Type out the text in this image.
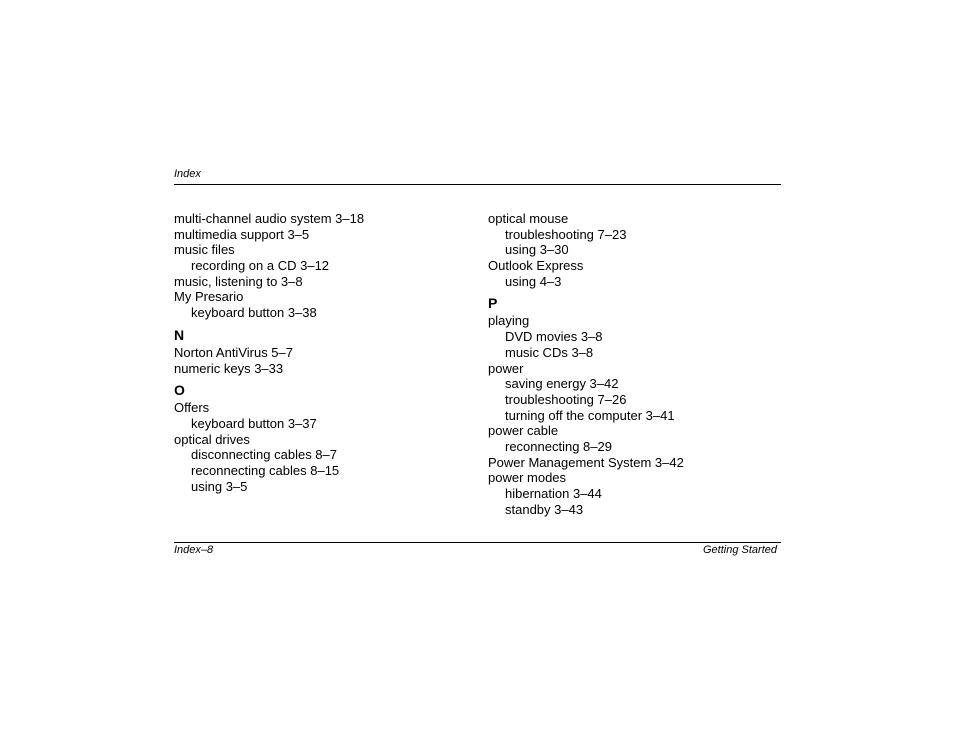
Index
multi-channel audio system 3–18
multimedia support 3–5
music files
recording on a CD 3–12
music, listening to 3–8
My Presario
keyboard button 3–38
N
Norton AntiVirus 5–7
numeric keys 3–33
O
Offers
keyboard button 3–37
optical drives
disconnecting cables 8–7
reconnecting cables 8–15
using 3–5
optical mouse
troubleshooting 7–23
using 3–30
Outlook Express
using 4–3
P
playing
DVD movies 3–8
music CDs 3–8
power
saving energy 3–42
troubleshooting 7–26
turning off the computer 3–41
power cable
reconnecting 8–29
Power Management System 3–42
power modes
hibernation 3–44
standby 3–43
Index–8	Getting Started
